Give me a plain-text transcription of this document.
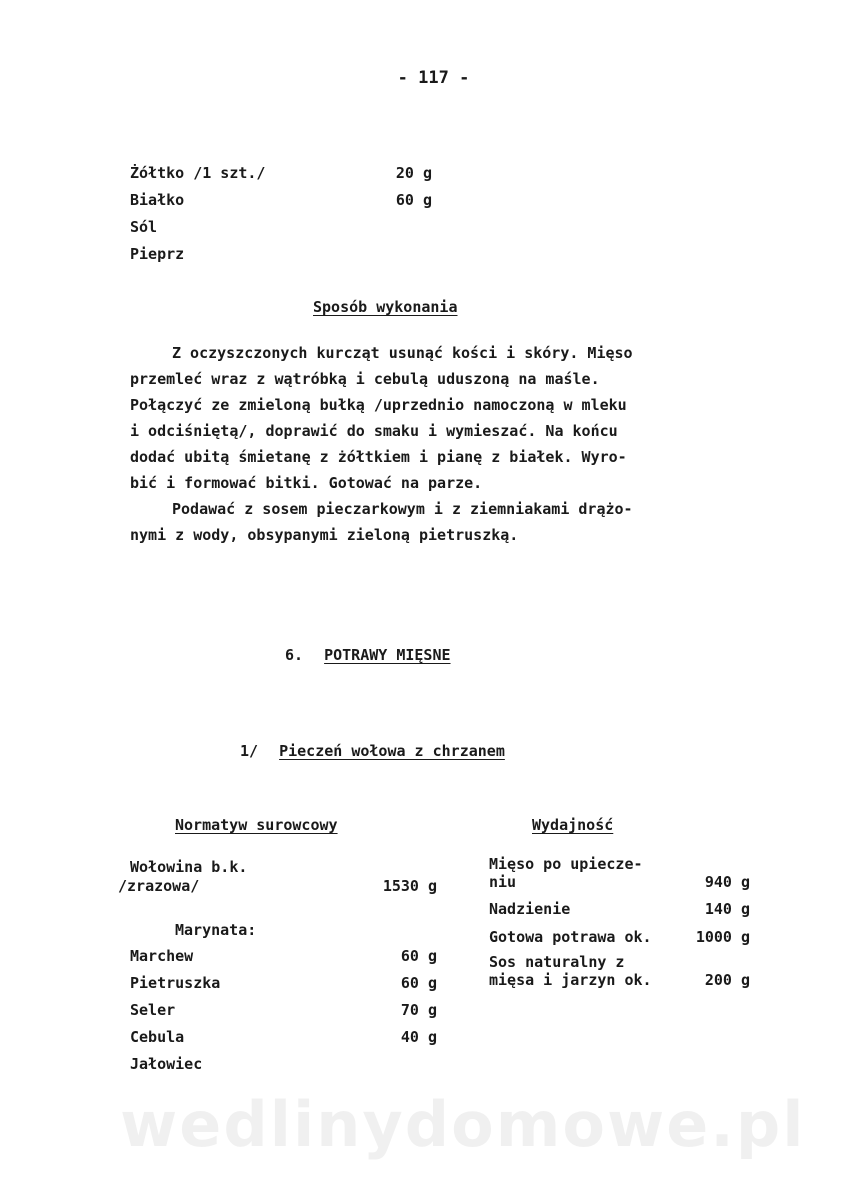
- 117 -
Żółtko /1 szt./	20 g
Białko	60 g
Sól
Pieprz
Sposób wykonania
Z oczyszczonych kurcząt usunąć kości i skóry. Mięso
przemleć wraz z wątróbką i cebulą uduszoną na maśle.
Połączyć ze zmieloną bułką /uprzednio namoczoną w mleku
i odciśniętą/, doprawić do smaku i wymieszać. Na końcu
dodać ubitą śmietanę z żółtkiem i pianę z białek. Wyro-
bić i formować bitki. Gotować na parze.
Podawać z sosem pieczarkowym i z ziemniakami drążo-
nymi z wody, obsypanymi zieloną pietruszką.
6. POTRAWY MIĘSNE
1/ Pieczeń wołowa z chrzanem
Normatyw surowcowy	Wydajność
Wołowina b.k.
/zrazowa/	1530 g
Marynata:
Marchew	60 g
Pietruszka	60 g
Seler	70 g
Cebula	40 g
Jałowiec
Mięso po upiecze-
niu	940 g
Nadzienie	140 g
Gotowa potrawa ok.	1000 g
Sos naturalny z
mięsa i jarzyn ok.	200 g
wedlinydomowe.pl
